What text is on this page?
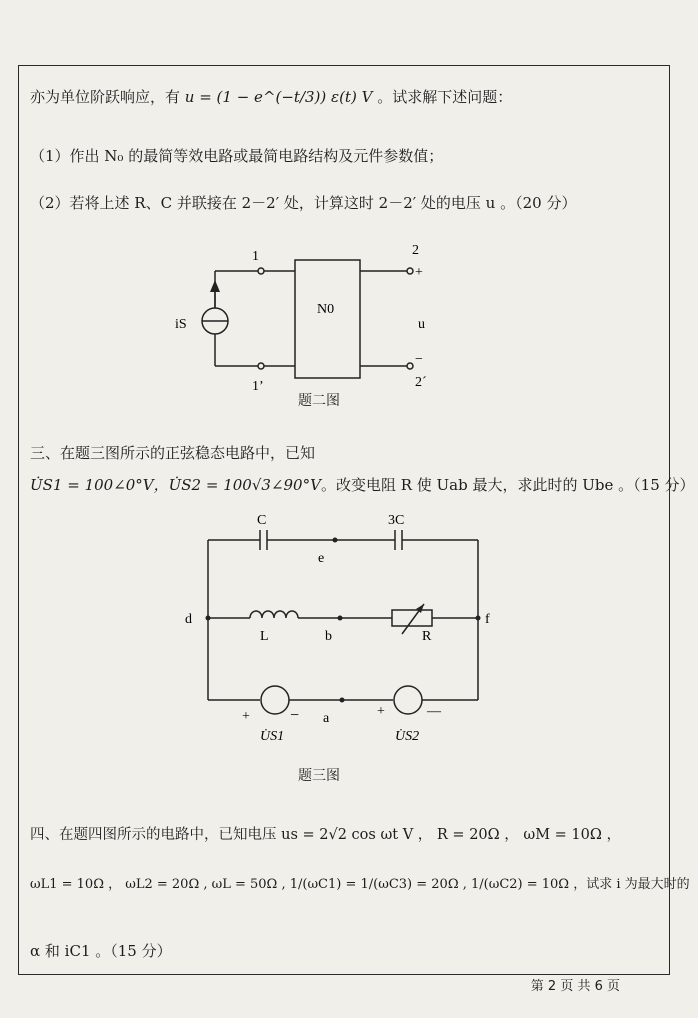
亦为单位阶跃响应，有 u = (1 − e^(−t/3)) ε(t) V 。试求解下述问题：
（1）作出 N₀ 的最简等效电路或最简电路结构及元件参数值；
（2）若将上述 R、C 并联接在 2－2′ 处，计算这时 2－2′ 处的电压 u 。（20 分）
1
1’
2
+
−
2ˊ
iS
N0
u
题二图
三、在题三图所示的正弦稳态电路中，已知
U̇S1 = 100∠0°V，U̇S2 = 100√3∠90°V。改变电阻 R 使 Uab 最大，求此时的 Ube 。（15 分）
C	3C
e
d	f
L	b	R
a
+	−	+	—
U̇S1	U̇S2
题三图
四、在题四图所示的电路中，已知电压 us = 2√2 cos ωt V ， R = 20Ω ， ωM = 10Ω ，
ωL1 = 10Ω ， ωL2 = 20Ω , ωL = 50Ω , 1/(ωC1) = 1/(ωC3) = 20Ω , 1/(ωC2) = 10Ω ，试求 i 为最大时的
α 和 iC1 。（15 分）
第 2 页 共 6 页
